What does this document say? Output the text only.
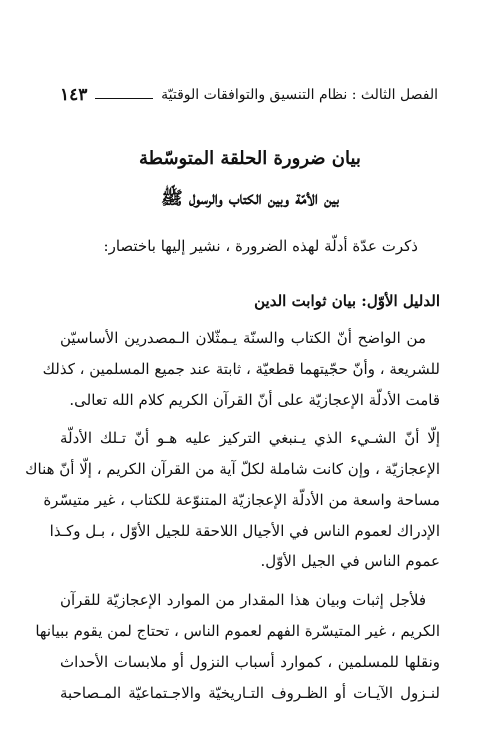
الفصل الثالث : نظام التنسيق والتوافقات الوقتيّة
١٤٣
بيان ضرورة الحلقة المتوسّطة
بين الأمّة وبين الكتاب والرسول ﷺ
ذكرت عدّة أدلّة لهذه الضرورة ، نشير إليها باختصار:
الدليل الأوّل: بيان ثوابت الدين
من الواضح أنّ الكتاب والسنّة يـمثّلان الـمصدرين الأساسيّن
للشريعة ، وأنّ حجّيتهما قطعيّة ، ثابتة عند جميع المسلمين ، كذلك
قامت الأدلّة الإعجازيّة على أنّ القرآن الكريم كلام الله تعالى.
إلّا أنّ الشـيء الذي يـنبغي التركيز عليه هـو أنّ تـلك الأدلّة
الإعجازيّة ، وإن كانت شاملة لكلّ آية من القرآن الكريم ، إلّا أنّ هناك
مساحة واسعة من الأدلّة الإعجازيّة المتنوّعة للكتاب ، غير متيسّرة
الإدراك لعموم الناس في الأجيال اللاحقة للجيل الأوّل ، بـل وكـذا
عموم الناس في الجيل الأوّل.
فلأجل إثبات وبيان هذا المقدار من الموارد الإعجازيّة للقرآن
الكريم ، غير المتيسّرة الفهم لعموم الناس ، تحتاج لمن يقوم ببيانها
ونقلها للمسلمين ، كموارد أسباب النزول أو ملابسات الأحداث
لنـزول الآيـات أو الظـروف التـاريخيّة والاجـتماعيّة المـصاحبة
